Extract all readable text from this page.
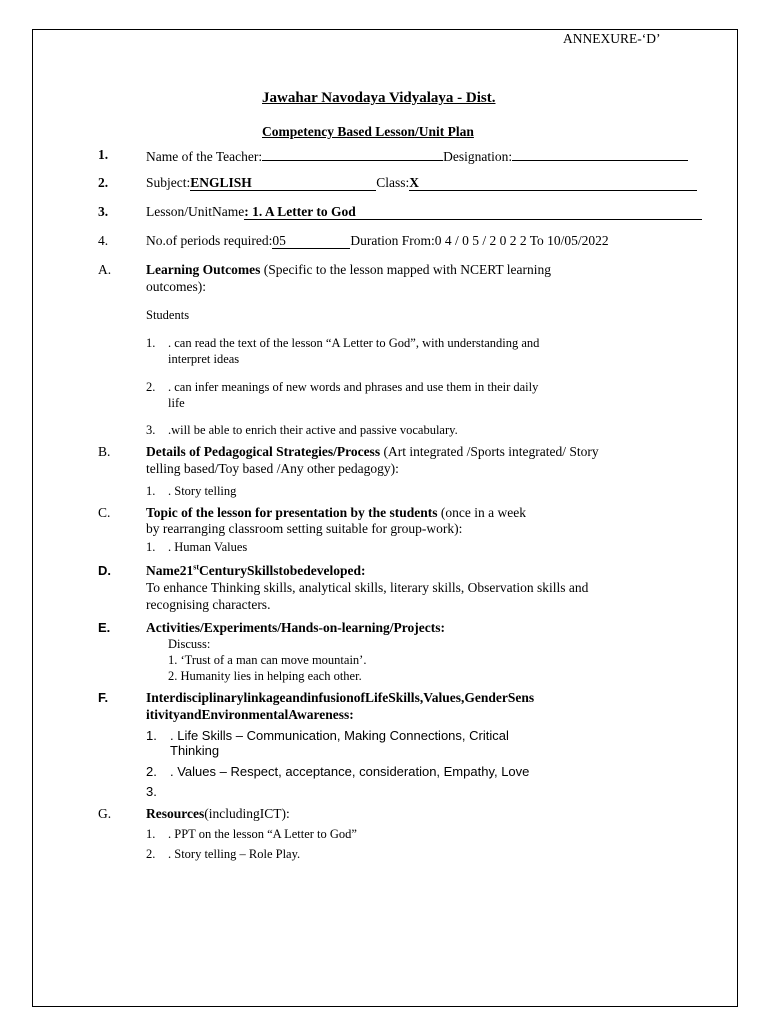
ANNEXURE-‘D’
Jawahar Navodaya Vidyalaya - Dist.
Competency Based Lesson/Unit Plan
1.	Name of the Teacher:	Designation:
2.	Subject:ENGLISH	Class:X
3.	Lesson/UnitName: 1. A Letter to God
4.	No.of periods required:05	Duration From:0 4 / 0 5 / 2 0 2 2 To 10/05/2022
A.	Learning Outcomes (Specific to the lesson mapped with NCERT learning
outcomes):
Students
1. . can read the text of the lesson “A Letter to God”, with understanding and
interpret ideas
2. . can infer meanings of new words and phrases and use them in their daily
life
3. .will be able to enrich their active and passive vocabulary.
B.	Details of Pedagogical Strategies/Process (Art integrated /Sports integrated/ Story
telling based/Toy based /Any other pedagogy):
1. . Story telling
C.	Topic of the lesson for presentation by the students (once in a week
by rearranging classroom setting suitable for group-work):
1. . Human Values
D.	Name21stCenturySkillstobedeveloped:
To enhance Thinking skills, analytical skills, literary skills, Observation skills and
recognising characters.
E.	Activities/Experiments/Hands-on-learning/Projects:
Discuss:
1. ‘Trust of a man can move mountain’.
2. Humanity lies in helping each other.
F.	InterdisciplinarylinkageandinfusionofLifeSkills,Values,GenderSens
itivityandEnvironmentalAwareness:
1. . Life Skills – Communication, Making Connections, Critical
Thinking
2. . Values – Respect, acceptance, consideration, Empathy, Love
3.
G.	Resources(includingICT):
1. . PPT on the lesson “A Letter to God”
2. . Story telling – Role Play.
